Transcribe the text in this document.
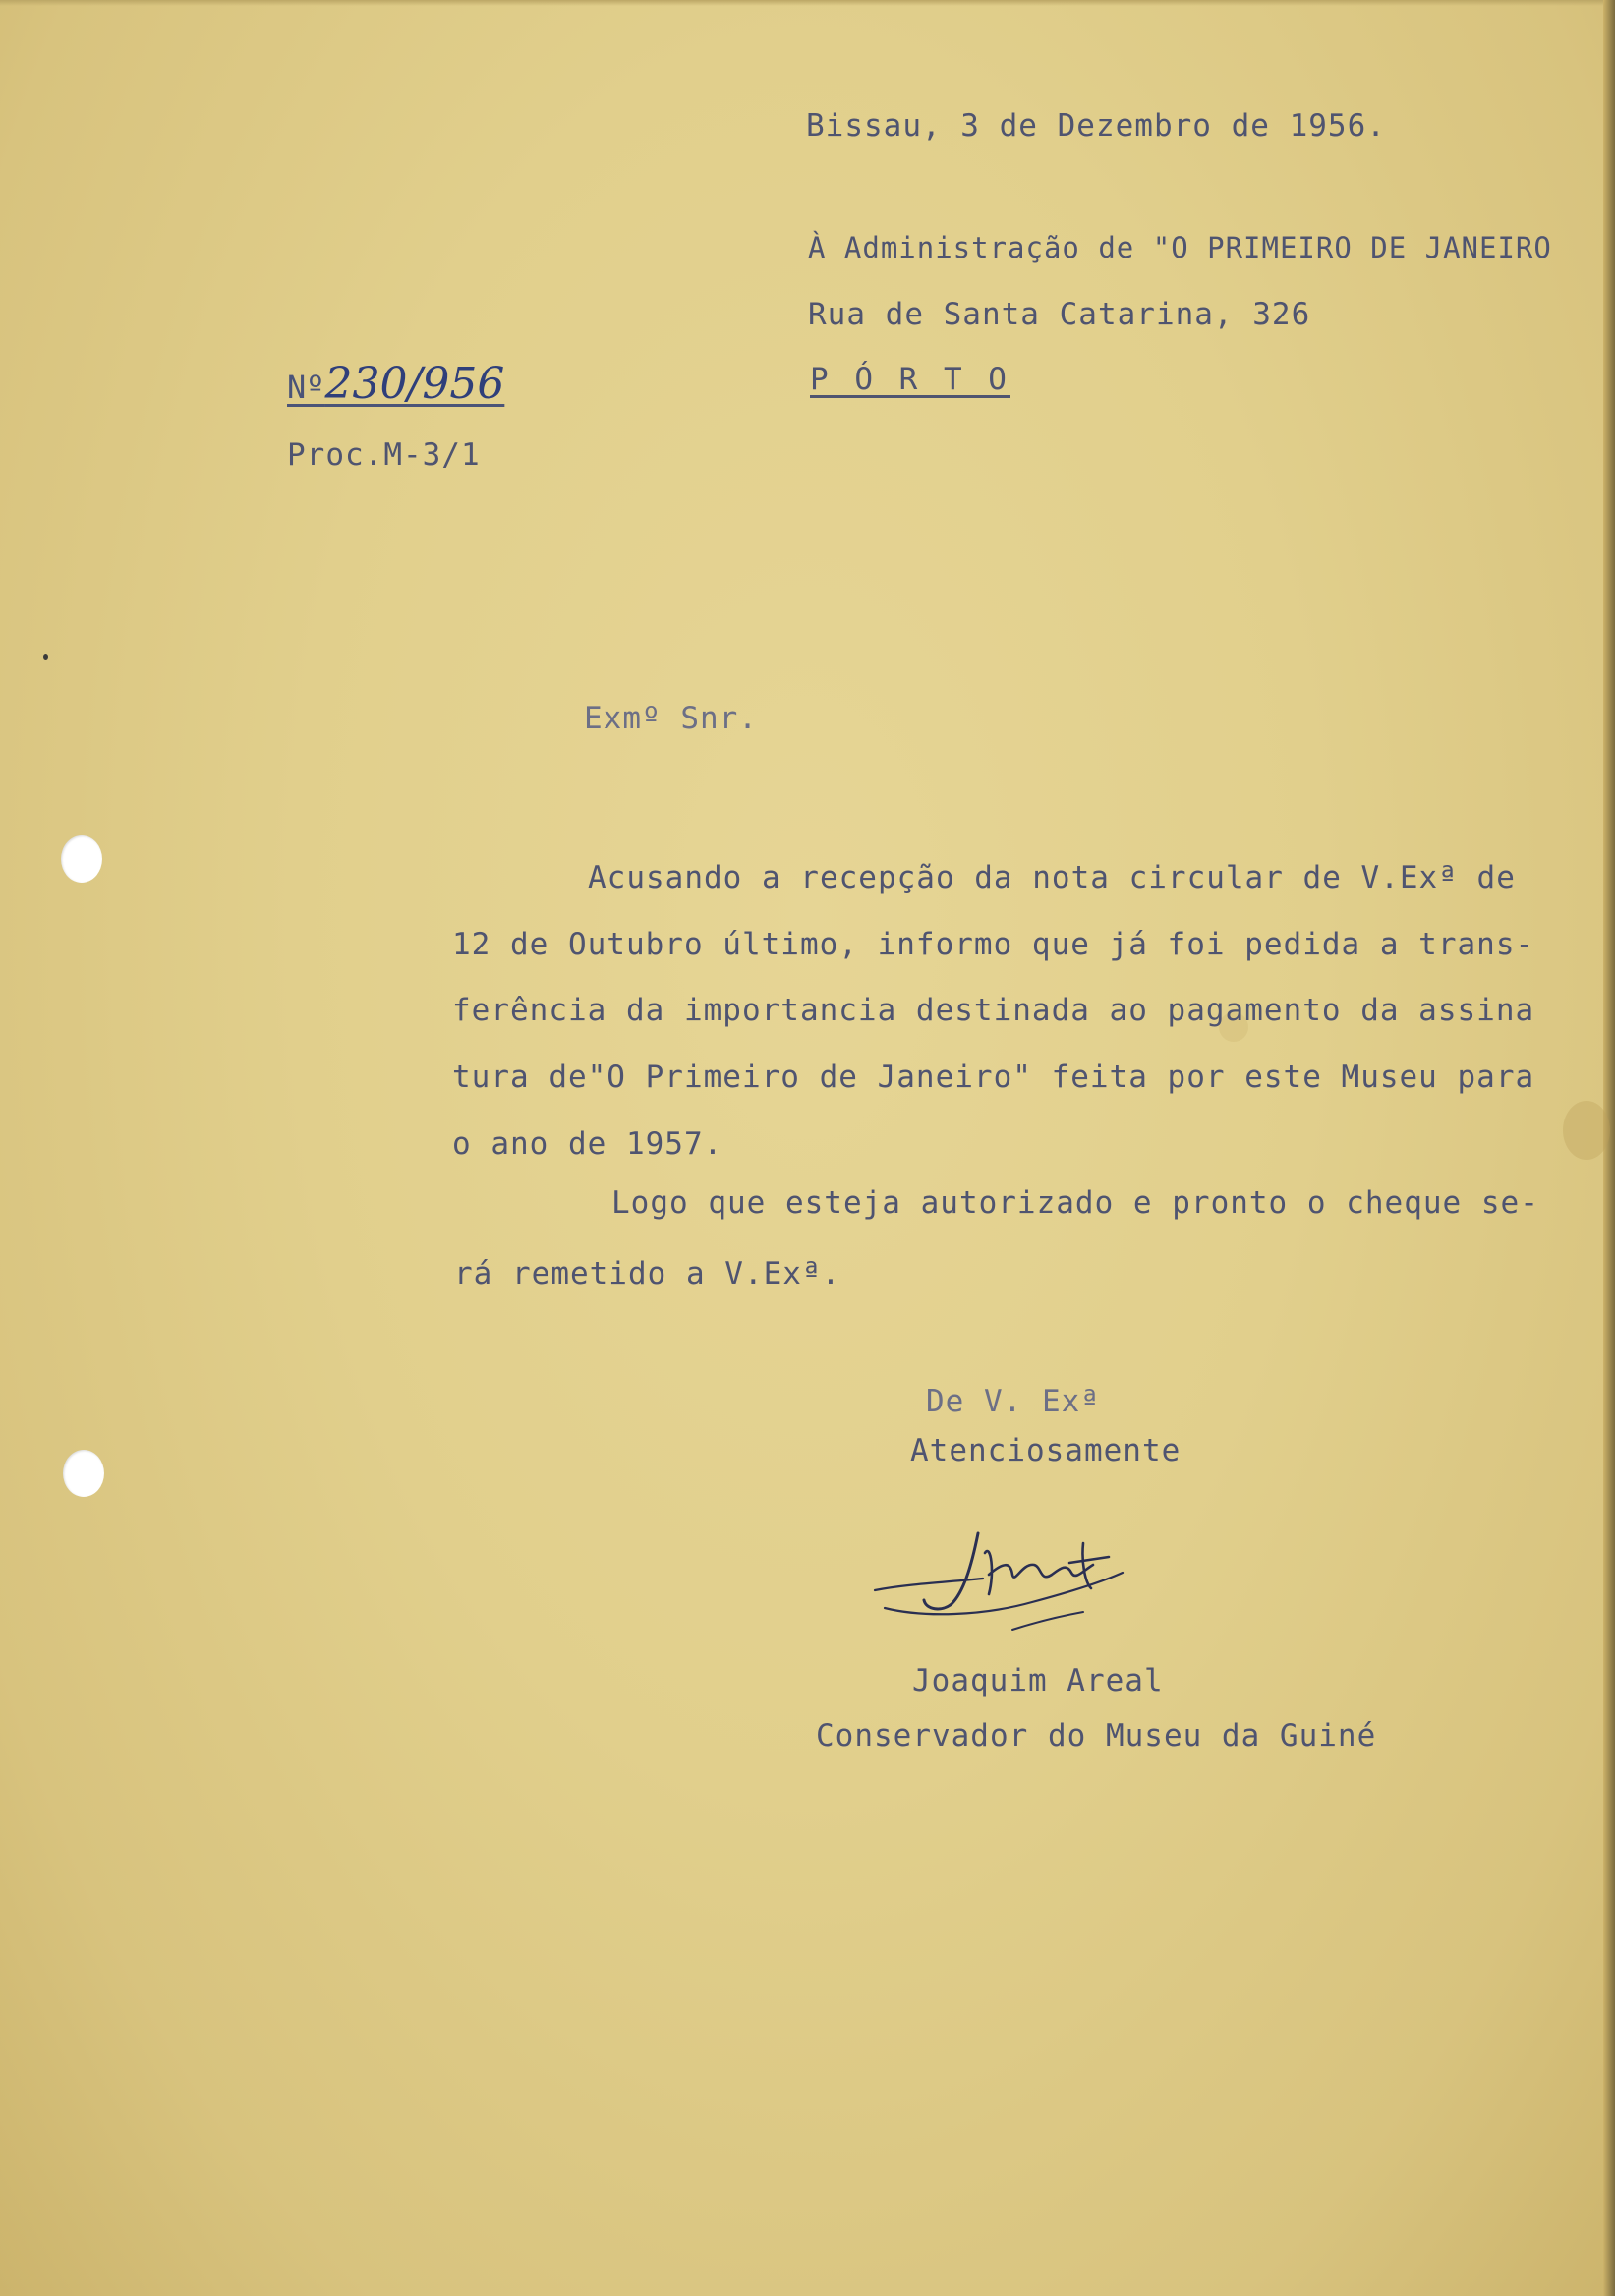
Bissau, 3 de Dezembro de 1956.
À Administração de "O PRIMEIRO DE JANEIRO
Rua de Santa Catarina, 326
P Ó R T O
Nº230/956
Proc.M-3/1
Exmº Snr.
Acusando a recepção da nota circular de V.Exª de
12 de Outubro último, informo que já foi pedida a trans-
ferência da importancia destinada ao pagamento da assina
tura de"O Primeiro de Janeiro" feita por este Museu para
o ano de 1957.
Logo que esteja autorizado e pronto o cheque se-
rá remetido a V.Exª.
De V. Exª
Atenciosamente
Joaquim Areal
Conservador do Museu da Guiné
